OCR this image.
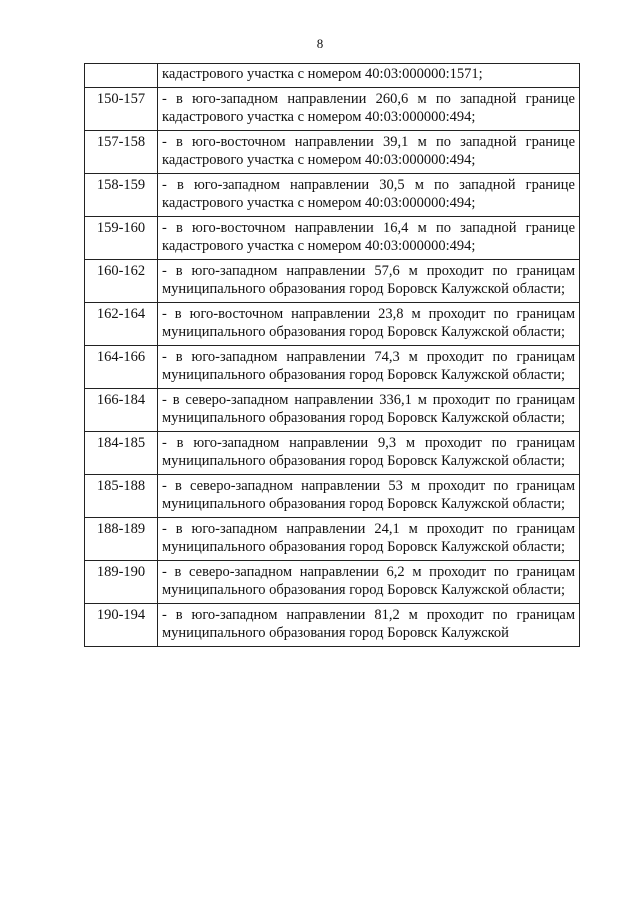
8
	кадастрового участка с номером 40:03:000000:1571;
150-157	- в юго-западном направлении 260,6 м по западной границе кадастрового участка с номером 40:03:000000:494;
157-158	- в юго-восточном направлении 39,1 м по западной границе кадастрового участка с номером 40:03:000000:494;
158-159	- в юго-западном направлении 30,5 м по западной границе кадастрового участка с номером 40:03:000000:494;
159-160	- в юго-восточном направлении 16,4 м по западной границе кадастрового участка с номером 40:03:000000:494;
160-162	- в юго-западном направлении 57,6 м проходит по границам муниципального образования город Боровск Калужской области;
162-164	- в юго-восточном направлении 23,8 м проходит по границам муниципального образования город Боровск Калужской области;
164-166	- в юго-западном направлении 74,3 м проходит по границам муниципального образования город Боровск Калужской области;
166-184	- в северо-западном направлении 336,1 м проходит по границам муниципального образования город Боровск Калужской области;
184-185	- в юго-западном направлении 9,3 м проходит по границам муниципального образования город Боровск Калужской области;
185-188	- в северо-западном направлении 53 м проходит по границам муниципального образования город Боровск Калужской области;
188-189	- в юго-западном направлении 24,1 м проходит по границам муниципального образования город Боровск Калужской области;
189-190	- в северо-западном направлении 6,2 м проходит по границам муниципального образования город Боровск Калужской области;
190-194	- в юго-западном направлении 81,2 м проходит по границам муниципального образования город Боровск Калужской
